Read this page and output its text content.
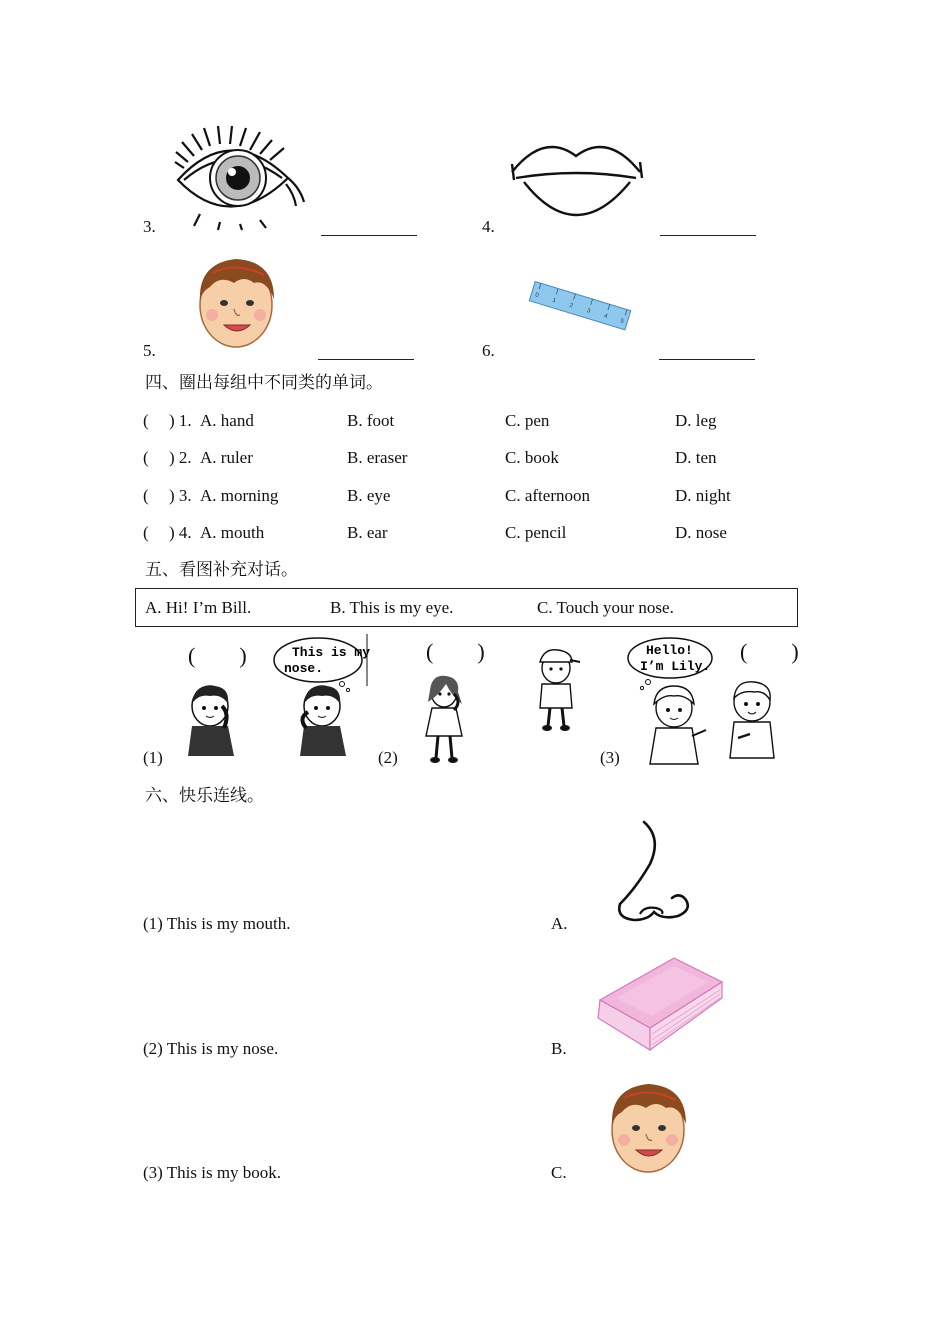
3.	4.
5.
0
1
2
3
4
5
6.
四、圈出每组中不同类的单词。
( ) 1. A. hand	B. foot	C. pen	D. leg
( ) 2. A. ruler	B. eraser	C. book	D. ten
( ) 3. A. morning	B. eye	C. afternoon	D. night
( ) 4. A. mouth	B. ear	C. pencil	D. nose
五、看图补充对话。
A. Hi! I’m Bill.	B. This is my eye.	C. Touch your nose.
(　　)	This is my
nose.
(1)
(　　)
(2)
Hello!
I’m Lily.
(　　)
(3)
六、快乐连线。
(1) This is my mouth.
(2) This is my nose.
(3) This is my book.
A.
B.
C.
